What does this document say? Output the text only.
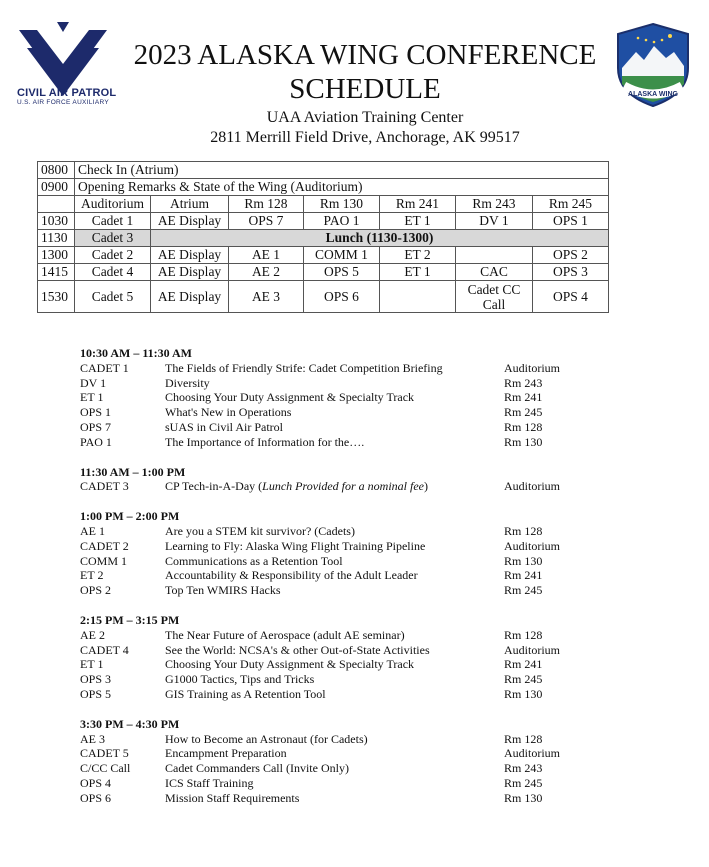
CIVIL AIR PATROL
U.S. AIR FORCE AUXILIARY
ALASKA WING
2023 ALASKA WING CONFERENCE
SCHEDULE
UAA Aviation Training Center
2811 Merrill Field Drive, Anchorage, AK 99517
0800	Check In (Atrium)						
0900	Opening Remarks & State of the Wing (Auditorium)						
	Auditorium	Atrium	Rm 128	Rm 130	Rm 241	Rm 243	Rm 245
1030	Cadet 1	AE Display	OPS 7	PAO 1	ET 1	DV 1	OPS 1
1130	Cadet 3	Lunch (1130-1300)					
1300	Cadet 2	AE Display	AE 1	COMM 1	ET 2		OPS 2
1415	Cadet 4	AE Display	AE 2	OPS 5	ET 1	CAC	OPS 3
1530	Cadet 5	AE Display	AE 3	OPS 6		Cadet CC Call	OPS 4
10:30 AM – 11:30 AM
CADET 1	The Fields of Friendly Strife: Cadet Competition Briefing	Auditorium
DV 1	Diversity	Rm 243
ET 1	Choosing Your Duty Assignment & Specialty Track	Rm 241
OPS 1	What's New in Operations	Rm 245
OPS 7	sUAS in Civil Air Patrol	Rm 128
PAO 1	The Importance of Information for the….	Rm 130
11:30 AM – 1:00 PM
CADET 3	CP Tech-in-A-Day (Lunch Provided for a nominal fee)	Auditorium
1:00 PM – 2:00 PM
AE 1	Are you a STEM kit survivor? (Cadets)	Rm 128
CADET 2	Learning to Fly: Alaska Wing Flight Training Pipeline	Auditorium
COMM 1	Communications as a Retention Tool	Rm 130
ET 2	Accountability & Responsibility of the Adult Leader	Rm 241
OPS 2	Top Ten WMIRS Hacks	Rm 245
2:15 PM – 3:15 PM
AE 2	The Near Future of Aerospace (adult AE seminar)	Rm 128
CADET 4	See the World: NCSA's & other Out-of-State Activities	Auditorium
ET 1	Choosing Your Duty Assignment & Specialty Track	Rm 241
OPS 3	G1000 Tactics, Tips and Tricks	Rm 245
OPS 5	GIS Training as A Retention Tool	Rm 130
3:30 PM – 4:30 PM
AE 3	How to Become an Astronaut (for Cadets)	Rm 128
CADET 5	Encampment Preparation	Auditorium
C/CC Call	Cadet Commanders Call (Invite Only)	Rm 243
OPS 4	ICS Staff Training	Rm 245
OPS 6	Mission Staff Requirements	Rm 130
